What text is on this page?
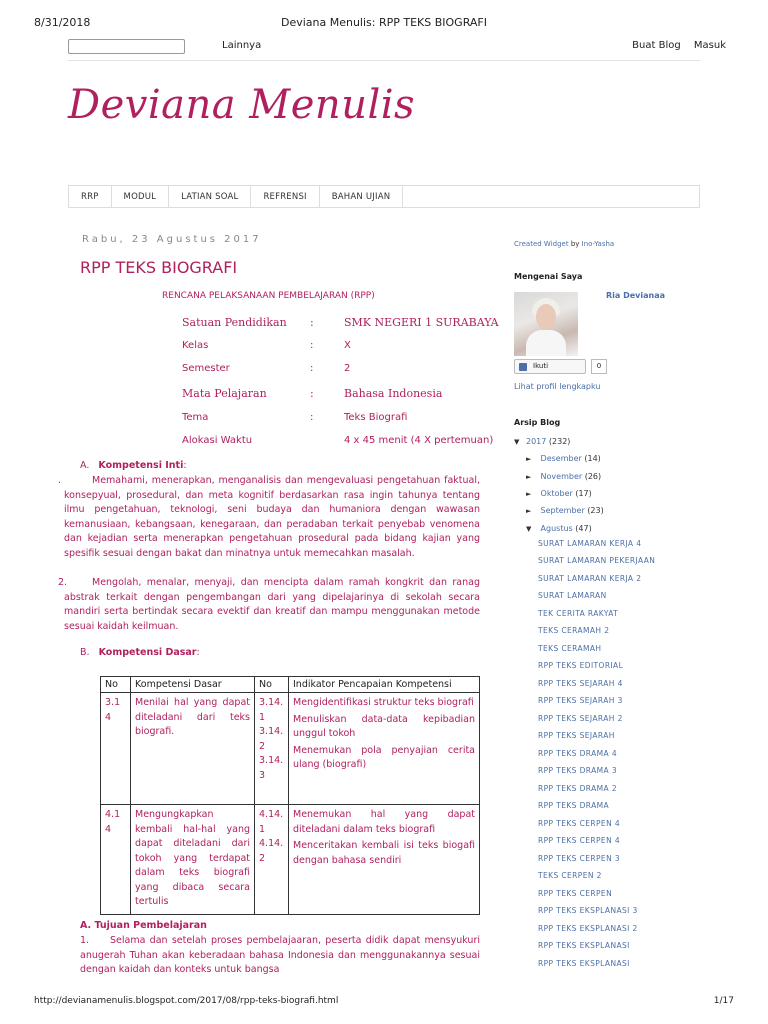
8/31/2018	Deviana Menulis: RPP TEKS BIOGRAFI
Lainnya	Buat Blog Masuk
Deviana Menulis
RRP	MODUL	LATIAN SOAL	REFRENSI	BAHAN UJIAN
Rabu, 23 Agustus 2017
RPP TEKS BIOGRAFI
RENCANA PELAKSANAAN PEMBELAJARAN (RPP)
Satuan Pendidikan :	SMK NEGERI 1 SURABAYA
Kelas	:	X
Semester	:	2
Mata Pelajaran	:	Bahasa Indonesia
Tema	:	Teks Biografi
Alokasi Waktu	4 x 45 menit (4 X pertemuan)
A. Kompetensi Inti:
.	Memahami, menerapkan, menganalisis dan mengevaluasi pengetahuan faktual, konsepyual, prosedural, dan meta kognitif berdasarkan rasa ingin tahunya tentang ilmu pengetahuan, teknologi, seni budaya dan humaniora dengan wawasan kemanusiaan, kebangsaan, kenegaraan, dan peradaban terkait penyebab venomena dan kejadian serta menerapkan pengetahuan prosedural pada bidang kajian yang spesifik sesuai dengan bakat dan minatnya untuk memecahkan masalah.
2.	Mengolah, menalar, menyaji, dan mencipta dalam ramah kongkrit dan ranag abstrak terkait dengan pengembangan dari yang dipelajarinya di sekolah secara mandiri serta bertindak secara evektif dan kreatif dan mampu menggunakan metode sesuai kaidah keilmuan.
B. Kompetensi Dasar:
No	Kompetensi Dasar	No	Indikator Pencapaian Kompetensi
3.1 4	Menilai hal yang dapat diteladani dari teks biografi.	3.14. 1 3.14. 2 3.14. 3	Mengidentifikasi struktur teks biografi

Menuliskan data-data kepibadian unggul tokoh

Menemukan pola penyajian cerita ulang (biografi)

4.1 4	Mengungkapkan kembali hal-hal yang dapat diteladani dari tokoh yang terdapat dalam teks biografi yang dibaca secara tertulis	4.14. 1 4.14. 2	Menemukan hal yang dapat diteladani dalam teks biografi

Menceritakan kembali isi teks biogafi dengan bahasa sendiri

A. Tujuan Pembelajaran
1. Selama dan setelah proses pembelajaaran, peserta didik dapat mensyukuri anugerah Tuhan akan keberadaan bahasa Indonesia dan menggunakannya sesuai dengan kaidah dan konteks untuk bangsa
Created Widget by Ino-Yasha
Mengenai Saya
Ria Devianaa
Ikuti	0
Lihat profil lengkapku
Arsip Blog
▼ 2017 (232)
► Desember (14)
► November (26)
► Oktober (17)
► September (23)
▼ Agustus (47)
SURAT LAMARAN KERJA 4
SURAT LAMARAN PEKERJAAN
SURAT LAMARAN KERJA 2
SURAT LAMARAN
TEK CERITA RAKYAT
TEKS CERAMAH 2
TEKS CERAMAH
RPP TEKS EDITORIAL
RPP TEKS SEJARAH 4
RPP TEKS SEJARAH 3
RPP TEKS SEJARAH 2
RPP TEKS SEJARAH
RPP TEKS DRAMA 4
RPP TEKS DRAMA 3
RPP TEKS DRAMA 2
RPP TEKS DRAMA
RPP TEKS CERPEN 4
RPP TEKS CERPEN 4
RPP TEKS CERPEN 3
TEKS CERPEN 2
RPP TEKS CERPEN
RPP TEKS EKSPLANASI 3
RPP TEKS EKSPLANASI 2
RPP TEKS EKSPLANASI
RPP TEKS EKSPLANASI
http://devianamenulis.blogspot.com/2017/08/rpp-teks-biografi.html	1/17
